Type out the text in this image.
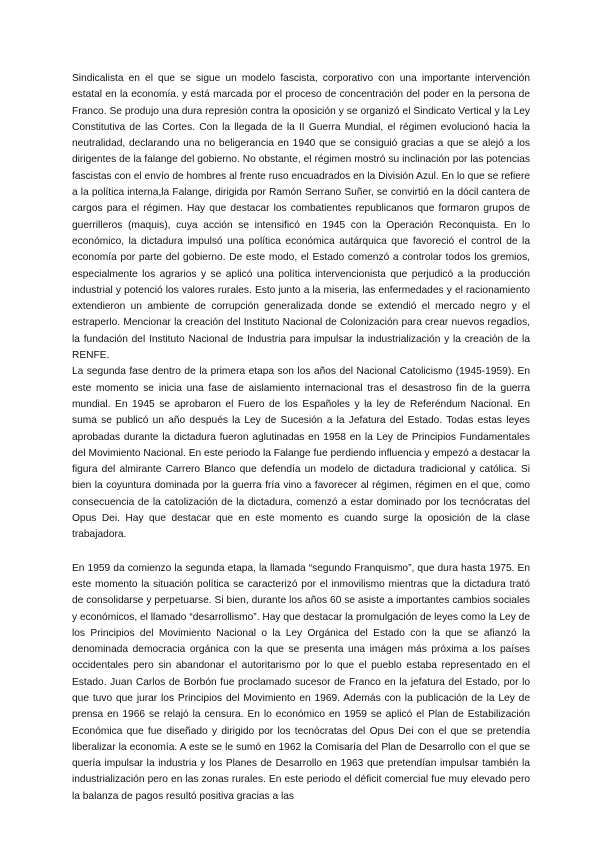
Sindicalista en el que se sigue un modelo fascista, corporativo con una importante intervención estatal en la economía. y está marcada por el proceso de concentración del poder en la persona de Franco. Se produjo una dura represión contra la oposición y se organizó el Sindicato Vertical y la Ley Constitutiva de las Cortes. Con la llegada de la II Guerra Mundial, el régimen evolucionó hacia la neutralidad, declarando una no beligerancia en 1940 que se consiguió gracias a que se alejó a los dirigentes de la falange del gobierno. No obstante, el régimen mostró su inclinación por las potencias fascistas con el envío de hombres al frente ruso encuadrados en la División Azul. En lo que se refiere a la política interna,la Falange, dirigida por Ramón Serrano Suñer, se convirtió en la dócil cantera de cargos para el régimen. Hay que destacar los combatientes republicanos que formaron grupos de guerrilleros (maquis), cuya acción se intensificó en 1945 con la Operación Reconquista. En lo económico, la dictadura impulsó una política económica autárquica que favoreció el control de la economía por parte del gobierno. De este modo, el Estado comenzó a controlar todos los gremios, especialmente los agrarios y se aplicó una política intervencionista que perjudicó a la producción industrial y potenció los valores rurales. Esto junto a la miseria, las enfermedades y el racionamiento extendieron un ambiente de corrupción generalizada donde se extendió el mercado negro y el estraperlo. Mencionar la creación del Instituto Nacional de Colonización para crear nuevos regadíos, la fundación del Instituto Nacional de Industria para impulsar la industrialización y la creación de la RENFE.

La segunda fase dentro de la primera etapa son los años del Nacional Catolicismo (1945-1959). En este momento se inicia una fase de aislamiento internacional tras el desastroso fin de la guerra mundial. En 1945 se aprobaron el Fuero de los Españoles y la ley de Referéndum Nacional. En suma se publicó un año después la Ley de Sucesión a la Jefatura del Estado. Todas estas leyes aprobadas durante la dictadura fueron aglutinadas en 1958 en la Ley de Principios Fundamentales del Movimiento Nacional. En este periodo la Falange fue perdiendo influencia y empezó a destacar la figura del almirante Carrero Blanco que defendía un modelo de dictadura tradicional y católica. Si bien la coyuntura dominada por la guerra fría vino a favorecer al régimen, régimen en el que, como consecuencia de la catolización de la dictadura, comenzó a estar dominado por los tecnócratas del Opus Dei. Hay que destacar que en este momento es cuando surge la oposición de la clase trabajadora.

En 1959 da comienzo la segunda etapa, la llamada “segundo Franquismo”, que dura hasta 1975. En este momento la situación política se caracterizó por el inmovilismo mientras que la dictadura trató de consolidarse y perpetuarse. Si bien, durante los años 60 se asiste a importantes cambios sociales y económicos, el llamado “desarrollismo”. Hay que destacar la promulgación de leyes como la Ley de los Principios del Movimiento Nacional o la Ley Orgánica del Estado con la que se afianzó la denominada democracia orgánica con la que se presenta una imágen más próxima a los países occidentales pero sin abandonar el autoritarismo por lo que el pueblo estaba representado en el Estado. Juan Carlos de Borbón fue proclamado sucesor de Franco en la jefatura del Estado, por lo que tuvo que jurar los Principios del Movimiento en 1969. Además con la publicación de la Ley de prensa en 1966 se relajó la censura. En lo económico en 1959 se aplicó el Plan de Estabilización Económica que fue diseñado y dirigido por los tecnócratas del Opus Dei con el que se pretendía liberalizar la economía. A este se le sumó en 1962 la Comisaría del Plan de Desarrollo con el que se quería impulsar la industria y los Planes de Desarrollo en 1963 que pretendían impulsar también la industrialización pero en las zonas rurales. En este periodo el déficit comercial fue muy elevado pero la balanza de pagos resultó positiva gracias a las
